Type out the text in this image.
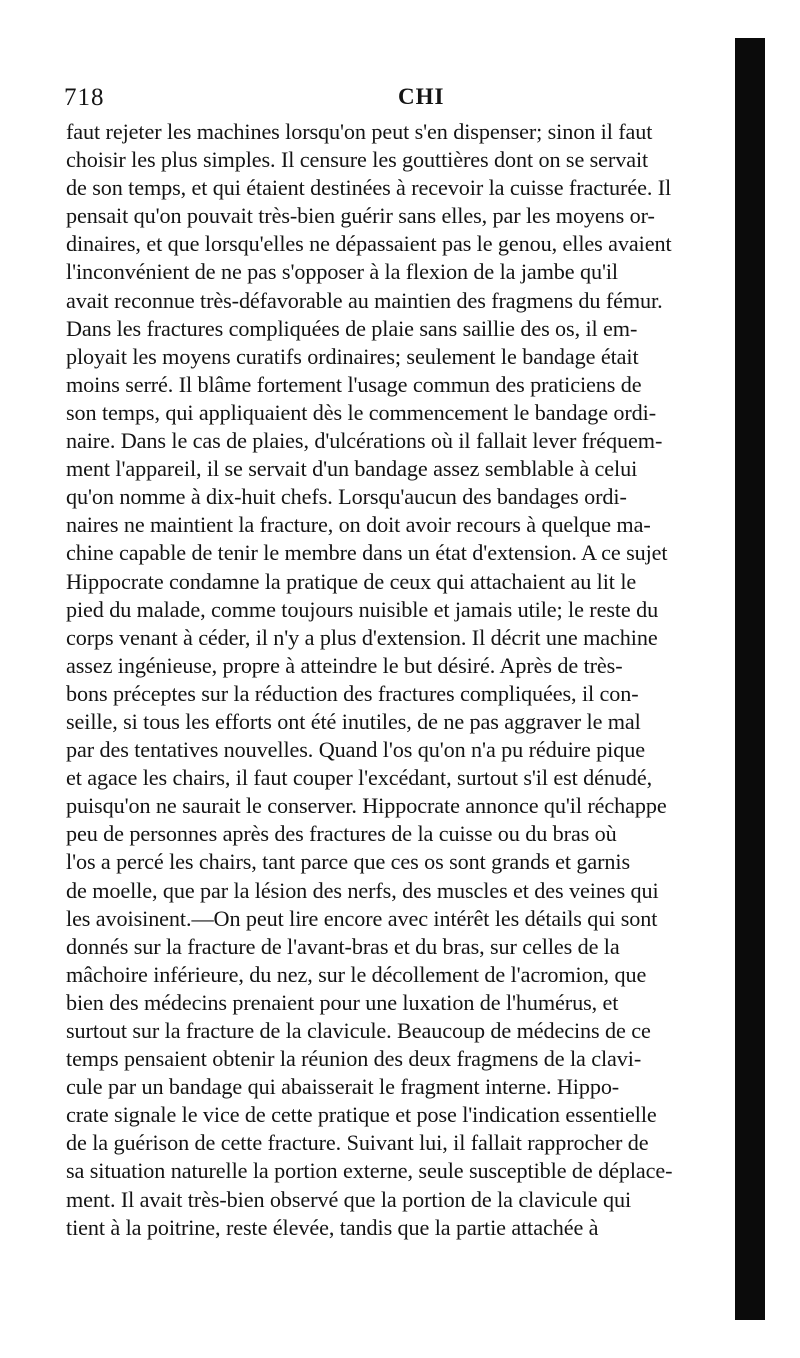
718	CHI
faut rejeter les machines lorsqu'on peut s'en dispenser; sinon il faut
choisir les plus simples. Il censure les gouttières dont on se servait
de son temps, et qui étaient destinées à recevoir la cuisse fracturée. Il
pensait qu'on pouvait très-bien guérir sans elles, par les moyens or-
dinaires, et que lorsqu'elles ne dépassaient pas le genou, elles avaient
l'inconvénient de ne pas s'opposer à la flexion de la jambe qu'il
avait reconnue très-défavorable au maintien des fragmens du fémur.
Dans les fractures compliquées de plaie sans saillie des os, il em-
ployait les moyens curatifs ordinaires; seulement le bandage était
moins serré. Il blâme fortement l'usage commun des praticiens de
son temps, qui appliquaient dès le commencement le bandage ordi-
naire. Dans le cas de plaies, d'ulcérations où il fallait lever fréquem-
ment l'appareil, il se servait d'un bandage assez semblable à celui
qu'on nomme à dix-huit chefs. Lorsqu'aucun des bandages ordi-
naires ne maintient la fracture, on doit avoir recours à quelque ma-
chine capable de tenir le membre dans un état d'extension. A ce sujet
Hippocrate condamne la pratique de ceux qui attachaient au lit le
pied du malade, comme toujours nuisible et jamais utile; le reste du
corps venant à céder, il n'y a plus d'extension. Il décrit une machine
assez ingénieuse, propre à atteindre le but désiré. Après de très-
bons préceptes sur la réduction des fractures compliquées, il con-
seille, si tous les efforts ont été inutiles, de ne pas aggraver le mal
par des tentatives nouvelles. Quand l'os qu'on n'a pu réduire pique
et agace les chairs, il faut couper l'excédant, surtout s'il est dénudé,
puisqu'on ne saurait le conserver. Hippocrate annonce qu'il réchappe
peu de personnes après des fractures de la cuisse ou du bras où
l'os a percé les chairs, tant parce que ces os sont grands et garnis
de moelle, que par la lésion des nerfs, des muscles et des veines qui
les avoisinent.—On peut lire encore avec intérêt les détails qui sont
donnés sur la fracture de l'avant-bras et du bras, sur celles de la
mâchoire inférieure, du nez, sur le décollement de l'acromion, que
bien des médecins prenaient pour une luxation de l'humérus, et
surtout sur la fracture de la clavicule. Beaucoup de médecins de ce
temps pensaient obtenir la réunion des deux fragmens de la clavi-
cule par un bandage qui abaisserait le fragment interne. Hippo-
crate signale le vice de cette pratique et pose l'indication essentielle
de la guérison de cette fracture. Suivant lui, il fallait rapprocher de
sa situation naturelle la portion externe, seule susceptible de déplace-
ment. Il avait très-bien observé que la portion de la clavicule qui
tient à la poitrine, reste élevée, tandis que la partie attachée à
